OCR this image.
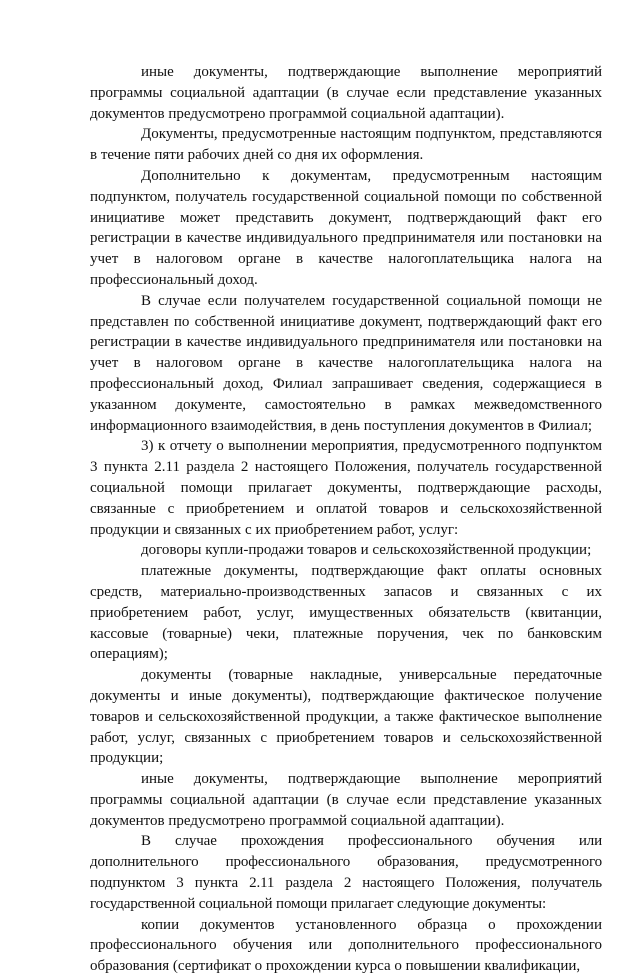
иные документы, подтверждающие выполнение мероприятий программы социальной адаптации (в случае если представление указанных документов предусмотрено программой социальной адаптации).

Документы, предусмотренные настоящим подпунктом, представляются в течение пяти рабочих дней со дня их оформления.

Дополнительно к документам, предусмотренным настоящим подпунктом, получатель государственной социальной помощи по собственной инициативе может представить документ, подтверждающий факт его регистрации в качестве индивидуального предпринимателя или постановки на учет в налоговом органе в качестве налогоплательщика налога на профессиональный доход.

В случае если получателем государственной социальной помощи не представлен по собственной инициативе документ, подтверждающий факт его регистрации в качестве индивидуального предпринимателя или постановки на учет в налоговом органе в качестве налогоплательщика налога на профессиональный доход, Филиал запрашивает сведения, содержащиеся в указанном документе, самостоятельно в рамках межведомственного информационного взаимодействия, в день поступления документов в Филиал;

3) к отчету о выполнении мероприятия, предусмотренного подпунктом 3 пункта 2.11 раздела 2 настоящего Положения, получатель государственной социальной помощи прилагает документы, подтверждающие расходы, связанные с приобретением и оплатой товаров и сельскохозяйственной продукции и связанных с их приобретением работ, услуг:

договоры купли-продажи товаров и сельскохозяйственной продукции;

платежные документы, подтверждающие факт оплаты основных средств, материально-производственных запасов и связанных с их приобретением работ, услуг, имущественных обязательств (квитанции, кассовые (товарные) чеки, платежные поручения, чек по банковским операциям);

документы (товарные накладные, универсальные передаточные документы и иные документы), подтверждающие фактическое получение товаров и сельскохозяйственной продукции, а также фактическое выполнение работ, услуг, связанных с приобретением товаров и сельскохозяйственной продукции;

иные документы, подтверждающие выполнение мероприятий программы социальной адаптации (в случае если представление указанных документов предусмотрено программой социальной адаптации).

В случае прохождения профессионального обучения или дополнительного профессионального образования, предусмотренного подпунктом 3 пункта 2.11 раздела 2 настоящего Положения, получатель государственной социальной помощи прилагает следующие документы:

копии документов установленного образца о прохождении профессионального обучения или дополнительного профессионального образования (сертификат о прохождении курса о повышении квалификации,
